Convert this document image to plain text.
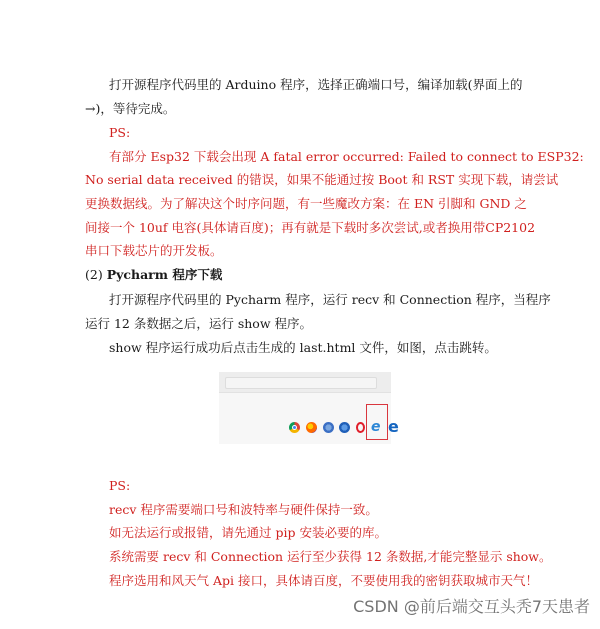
打开源程序代码里的 Arduino 程序，选择正确端口号，编译加载(界面上的
→)，等待完成。
PS:
有部分 Esp32 下载会出现 A fatal error occurred: Failed to connect to ESP32:
No serial data received 的错误，如果不能通过按 Boot 和 RST 实现下载，请尝试
更换数据线。为了解决这个时序问题，有一些魔改方案：在 EN 引脚和 GND 之
间接一个 10uf 电容(具体请百度)；再有就是下载时多次尝试,或者换用带CP2102
串口下载芯片的开发板。
(2) Pycharm 程序下载
打开源程序代码里的 Pycharm 程序，运行 recv 和 Connection 程序，当程序
运行 12 条数据之后，运行 show 程序。
show 程序运行成功后点击生成的 last.html 文件，如图，点击跳转。
e e
PS:
recv 程序需要端口号和波特率与硬件保持一致。
如无法运行或报错，请先通过 pip 安装必要的库。
系统需要 recv 和 Connection 运行至少获得 12 条数据,才能完整显示 show。
程序选用和风天气 Api 接口，具体请百度，不要使用我的密钥获取城市天气！
CSDN @前后端交互头秃7天患者
